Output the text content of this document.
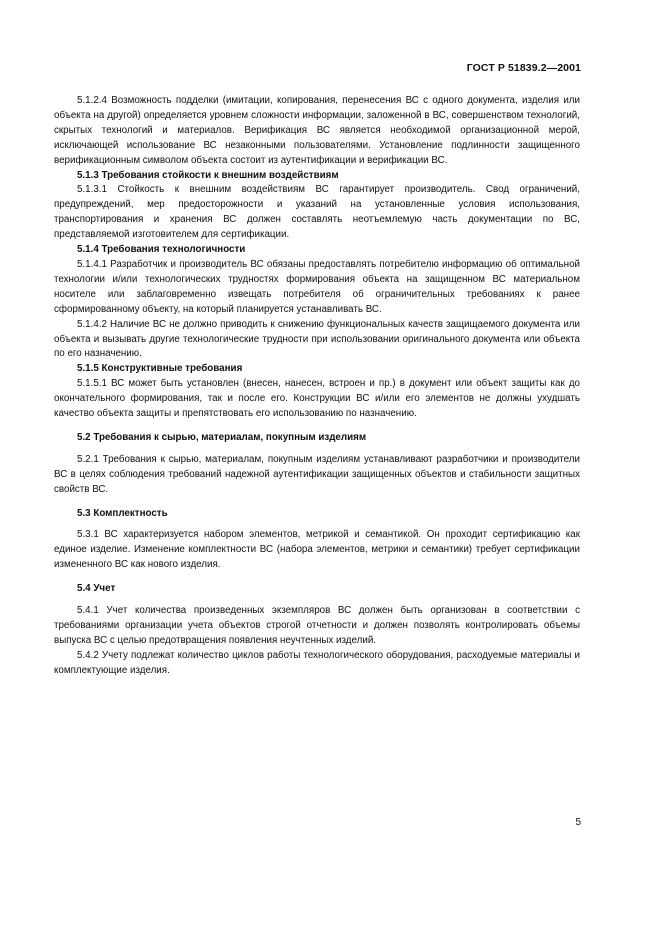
ГОСТ Р 51839.2—2001

5.1.2.4 Возможность подделки (имитации, копирования, перенесения ВС с одного документа, изделия или объекта на другой) определяется уровнем сложности информации, заложенной в ВС, совершенством технологий, скрытых технологий и материалов. Верификация ВС является необходимой организационной мерой, исключающей использование ВС незаконными пользователями. Установление подлинности защищенного верификационным символом объекта состоит из аутентификации и верификации ВС.

5.1.3 Требования стойкости к внешним воздействиям

5.1.3.1 Стойкость к внешним воздействиям ВС гарантирует производитель. Свод ограничений, предупреждений, мер предосторожности и указаний на установленные условия использования, транспортирования и хранения ВС должен составлять неотъемлемую часть документации по ВС, представляемой изготовителем для сертификации.

5.1.4 Требования технологичности

5.1.4.1 Разработчик и производитель ВС обязаны предоставлять потребителю информацию об оптимальной технологии и/или технологических трудностях формирования объекта на защищенном ВС материальном носителе или заблаговременно извещать потребителя об ограничительных требованиях к ранее сформированному объекту, на который планируется устанавливать ВС.

5.1.4.2 Наличие ВС не должно приводить к снижению функциональных качеств защищаемого документа или объекта и вызывать другие технологические трудности при использовании оригинального документа или объекта по его назначению.

5.1.5 Конструктивные требования

5.1.5.1 ВС может быть установлен (внесен, нанесен, встроен и пр.) в документ или объект защиты как до окончательного формирования, так и после его. Конструкции ВС и/или его элементов не должны ухудшать качество объекта защиты и препятствовать его использованию по назначению.

5.2 Требования к сырью, материалам, покупным изделиям

5.2.1 Требования к сырью, материалам, покупным изделиям устанавливают разработчики и производители ВС в целях соблюдения требований надежной аутентификации защищенных объектов и стабильности защитных свойств ВС.

5.3 Комплектность

5.3.1 ВС характеризуется набором элементов, метрикой и семантикой. Он проходит сертификацию как единое изделие. Изменение комплектности ВС (набора элементов, метрики и семантики) требует сертификации измененного ВС как нового изделия.

5.4 Учет

5.4.1 Учет количества произведенных экземпляров ВС должен быть организован в соответствии с требованиями организации учета объектов строгой отчетности и должен позволять контролировать объемы выпуска ВС с целью предотвращения появления неучтенных изделий.

5.4.2 Учету подлежат количество циклов работы технологического оборудования, расходуемые материалы и комплектующие изделия.

5
